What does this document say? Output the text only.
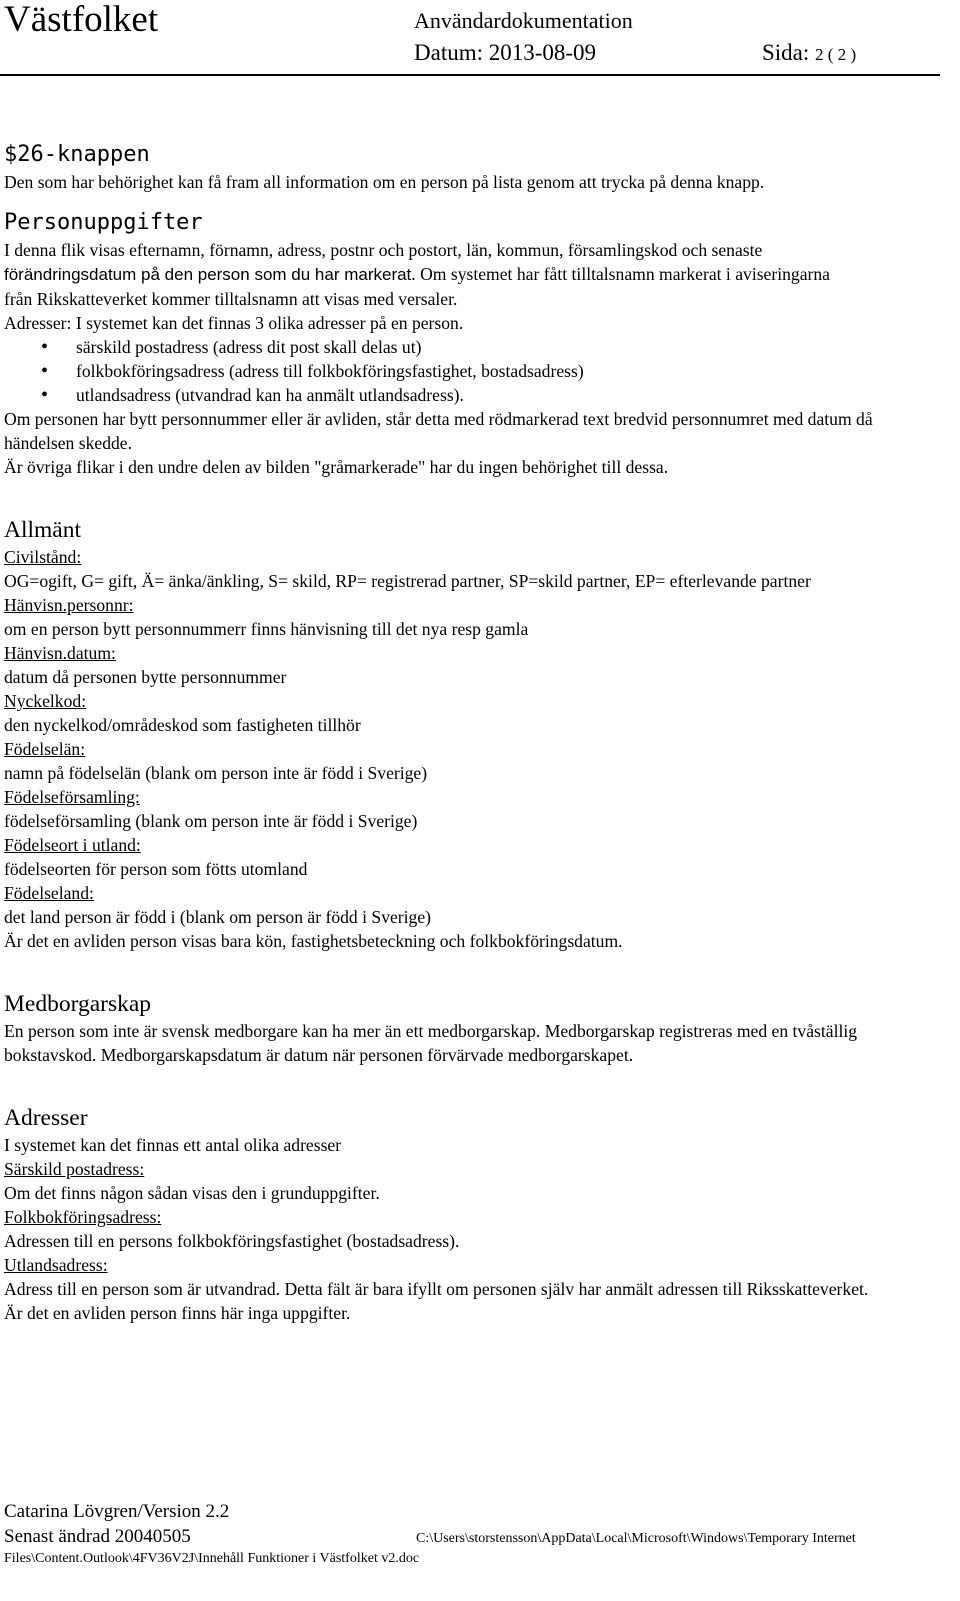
Västfolket	Användardokumentation
Datum: 2013-08-09	Sida: 2 ( 2 )
$26-knappen

Den som har behörighet kan få fram all information om en person på lista genom att trycka på denna knapp.

Personuppgifter

I denna flik visas efternamn, förnamn, adress, postnr och postort, län, kommun, församlingskod och senaste

förändringsdatum på den person som du har markerat. Om systemet har fått tilltalsnamn markerat i aviseringarna

från Rikskatteverket kommer tilltalsnamn att visas med versaler.

Adresser: I systemet kan det finnas 3 olika adresser på en person.

• särskild postadress (adress dit post skall delas ut)
• folkbokföringsadress (adress till folkbokföringsfastighet, bostadsadress)
• utlandsadress (utvandrad kan ha anmält utlandsadress).

Om personen har bytt personnummer eller är avliden, står detta med rödmarkerad text bredvid personnumret med datum då händelsen skedde.

Är övriga flikar i den undre delen av bilden "gråmarkerade" har du ingen behörighet till dessa.

Allmänt
Civilstånd:
OG=ogift, G= gift, Ä= änka/änkling, S= skild, RP= registrerad partner, SP=skild partner, EP= efterlevande partner
Hänvisn.personnr:
om en person bytt personnummerr finns hänvisning till det nya resp gamla
Hänvisn.datum:
datum då personen bytte personnummer
Nyckelkod:
den nyckelkod/områdeskod som fastigheten tillhör
Födelselän:
namn på födelselän (blank om person inte är född i Sverige)
Födelseförsamling:
födelseförsamling (blank om person inte är född i Sverige)
Födelseort i utland:
födelseorten för person som fötts utomland
Födelseland:
det land person är född i (blank om person är född i Sverige)
Är det en avliden person visas bara kön, fastighetsbeteckning och folkbokföringsdatum.
Medborgarskap

En person som inte är svensk medborgare kan ha mer än ett medborgarskap. Medborgarskap registreras med en tvåställig bokstavskod. Medborgarskapsdatum är datum när personen förvärvade medborgarskapet.

Adresser
I systemet kan det finnas ett antal olika adresser
Särskild postadress:
Om det finns någon sådan visas den i grunduppgifter.
Folkbokföringsadress:
Adressen till en persons folkbokföringsfastighet (bostadsadress).
Utlandsadress:
Adress till en person som är utvandrad. Detta fält är bara ifyllt om personen själv har anmält adressen till Riksskatteverket.
Är det en avliden person finns här inga uppgifter.
Catarina Lövgren/Version 2.2
Senast ändrad 20040505	C:\Users\storstensson\AppData\Local\Microsoft\Windows\Temporary Internet
Files\Content.Outlook\4FV36V2J\Innehåll Funktioner i Västfolket v2.doc
